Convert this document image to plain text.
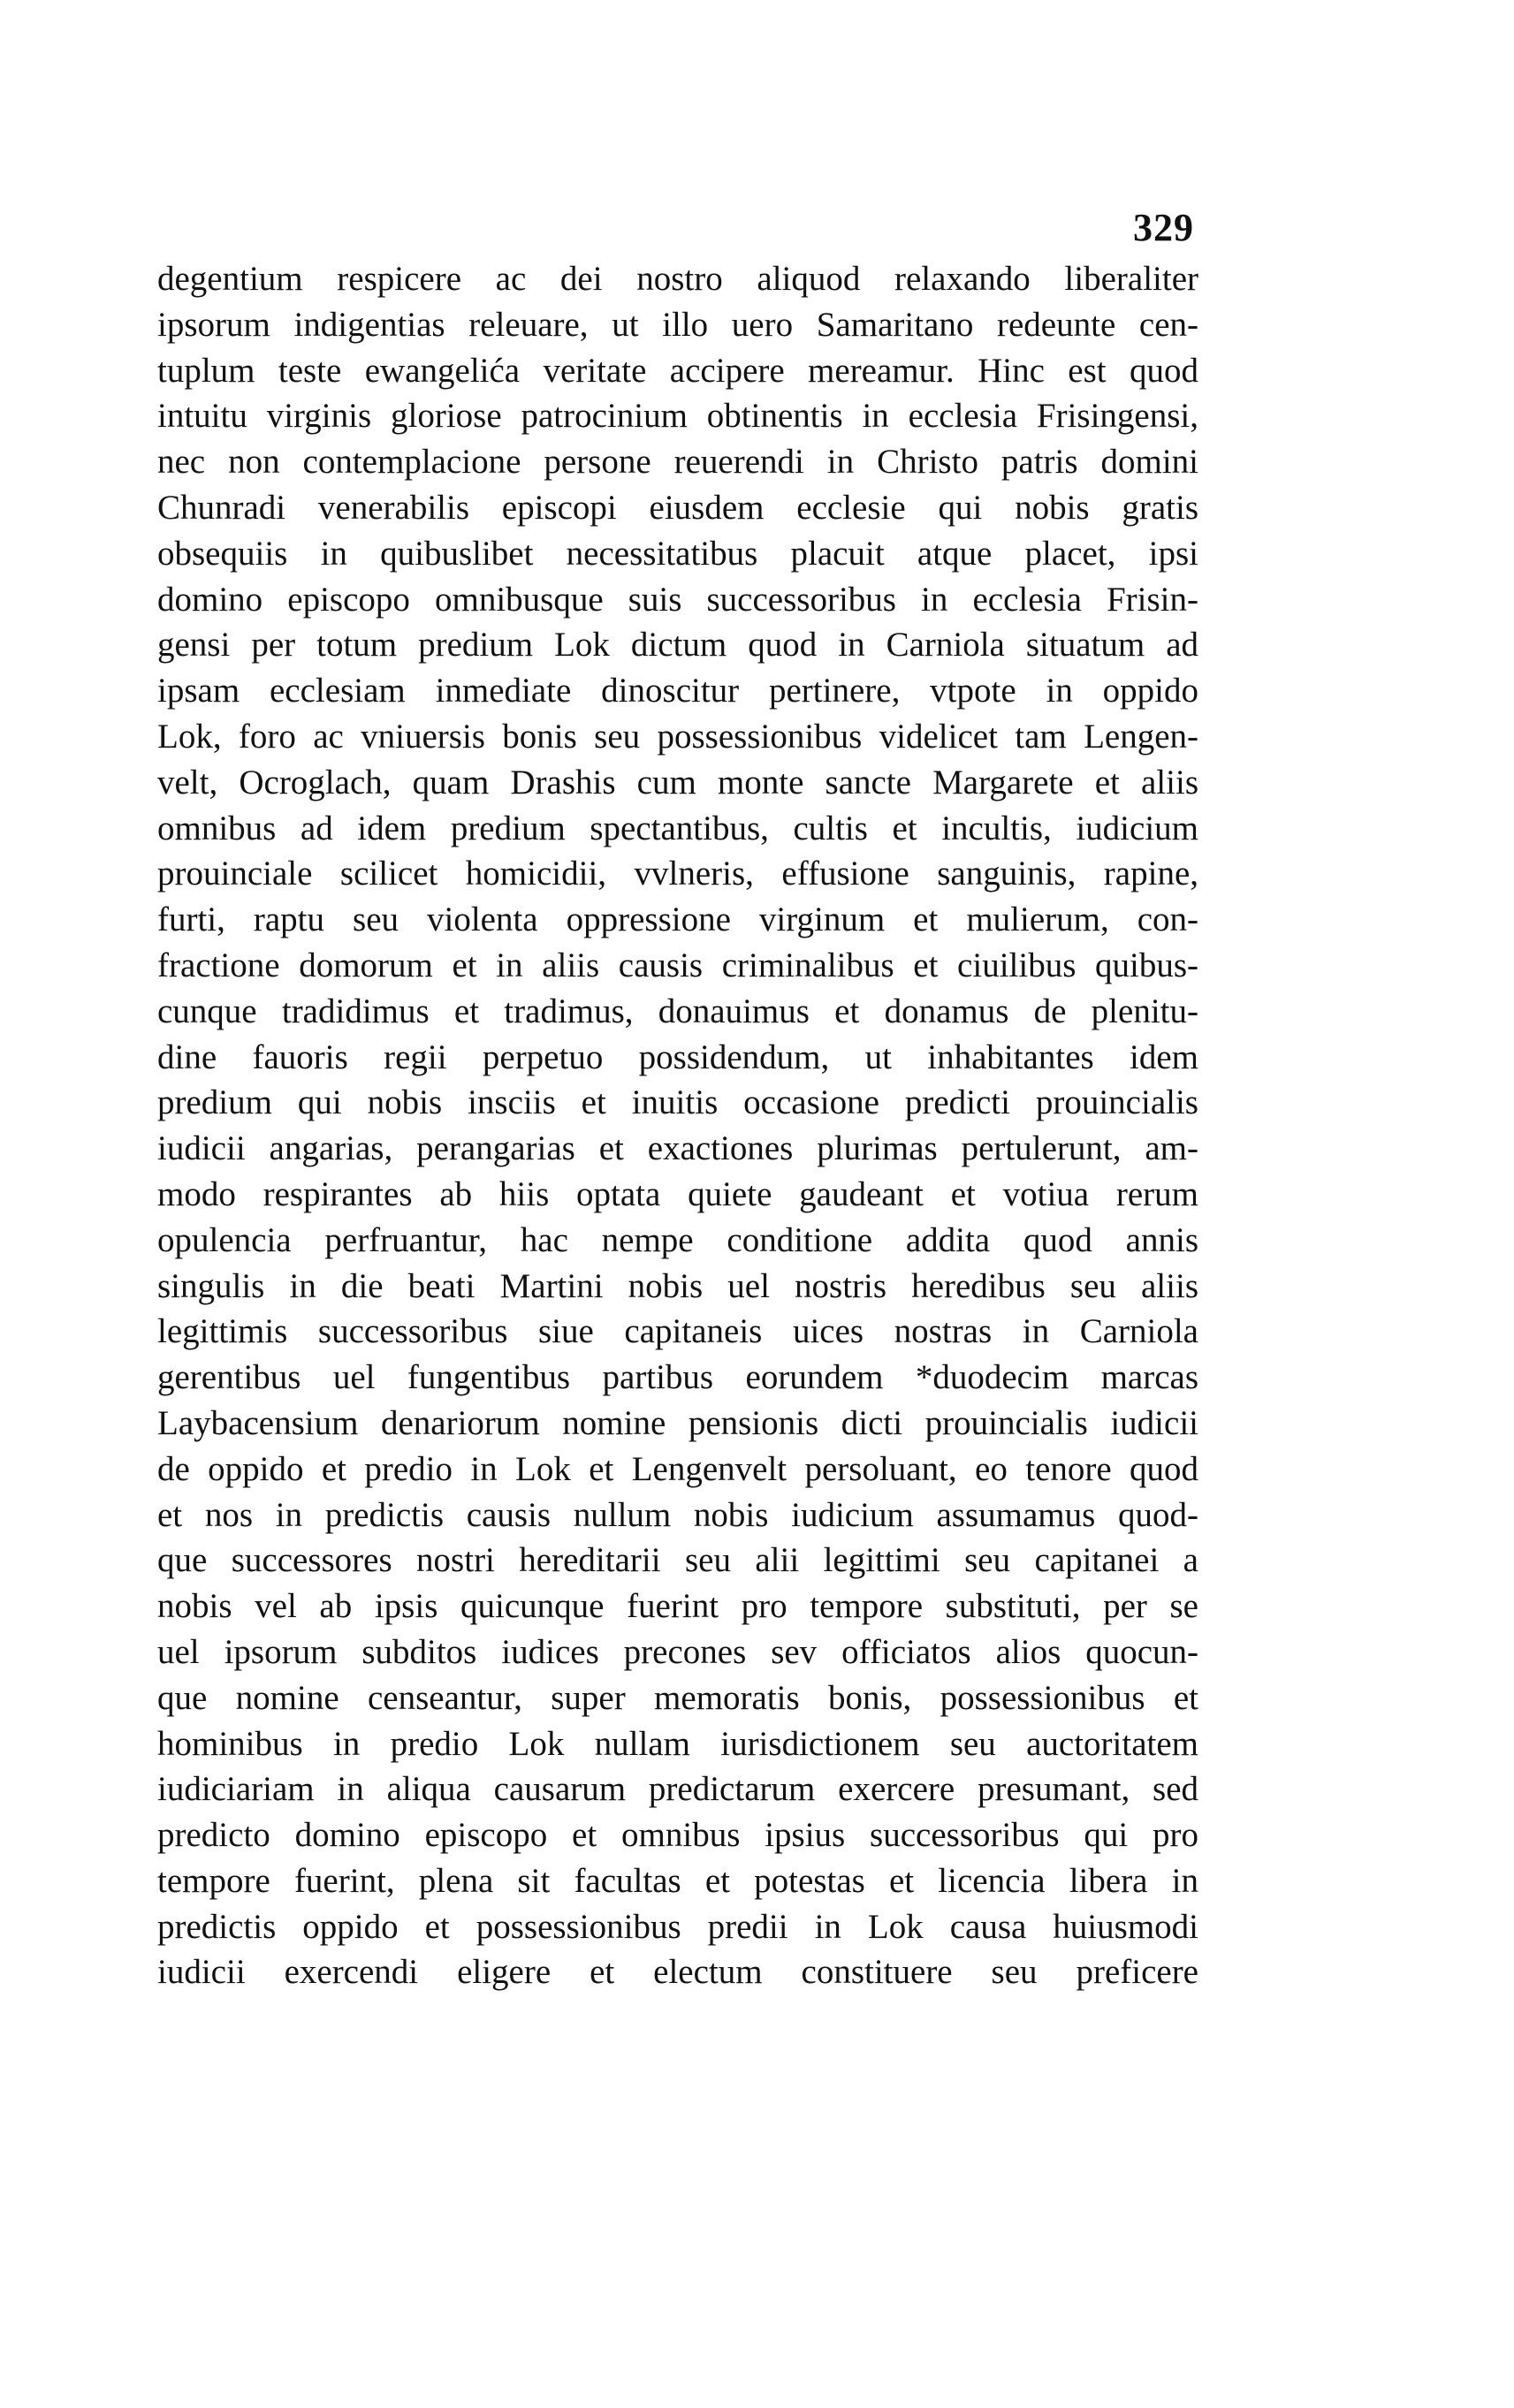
329
degentium respicere ac dei nostro aliquod relaxando liberaliter
ipsorum indigentias releuare, ut illo uero Samaritano redeunte cen-
tuplum teste ewangelića veritate accipere mereamur. Hinc est quod
intuitu virginis gloriose patrocinium obtinentis in ecclesia Frisingensi,
nec non contemplacione persone reuerendi in Christo patris domini
Chunradi venerabilis episcopi eiusdem ecclesie qui nobis gratis
obsequiis in quibuslibet necessitatibus placuit atque placet, ipsi
domino episcopo omnibusque suis successoribus in ecclesia Frisin-
gensi per totum predium Lok dictum quod in Carniola situatum ad
ipsam ecclesiam inmediate dinoscitur pertinere, vtpote in oppido
Lok, foro ac vniuersis bonis seu possessionibus videlicet tam Lengen-
velt, Ocroglach, quam Drashis cum monte sancte Margarete et aliis
omnibus ad idem predium spectantibus, cultis et incultis, iudicium
prouinciale scilicet homicidii, vvlneris, effusione sanguinis, rapine,
furti, raptu seu violenta oppressione virginum et mulierum, con-
fractione domorum et in aliis causis criminalibus et ciuilibus quibus-
cunque tradidimus et tradimus, donauimus et donamus de plenitu-
dine fauoris regii perpetuo possidendum, ut inhabitantes idem
predium qui nobis insciis et inuitis occasione predicti prouincialis
iudicii angarias, perangarias et exactiones plurimas pertulerunt, am-
modo respirantes ab hiis optata quiete gaudeant et votiua rerum
opulencia perfruantur, hac nempe conditione addita quod annis
singulis in die beati Martini nobis uel nostris heredibus seu aliis
legittimis successoribus siue capitaneis uices nostras in Carniola
gerentibus uel fungentibus partibus eorundem *duodecim marcas
Laybacensium denariorum nomine pensionis dicti prouincialis iudicii
de oppido et predio in Lok et Lengenvelt persoluant, eo tenore quod
et nos in predictis causis nullum nobis iudicium assumamus quod-
que successores nostri hereditarii seu alii legittimi seu capitanei a
nobis vel ab ipsis quicunque fuerint pro tempore substituti, per se
uel ipsorum subditos iudices precones sev officiatos alios quocun-
que nomine censeantur, super memoratis bonis, possessionibus et
hominibus in predio Lok nullam iurisdictionem seu auctoritatem
iudiciariam in aliqua causarum predictarum exercere presumant, sed
predicto domino episcopo et omnibus ipsius successoribus qui pro
tempore fuerint, plena sit facultas et potestas et licencia libera in
predictis oppido et possessionibus predii in Lok causa huiusmodi
iudicii exercendi eligere et electum constituere seu preficere
